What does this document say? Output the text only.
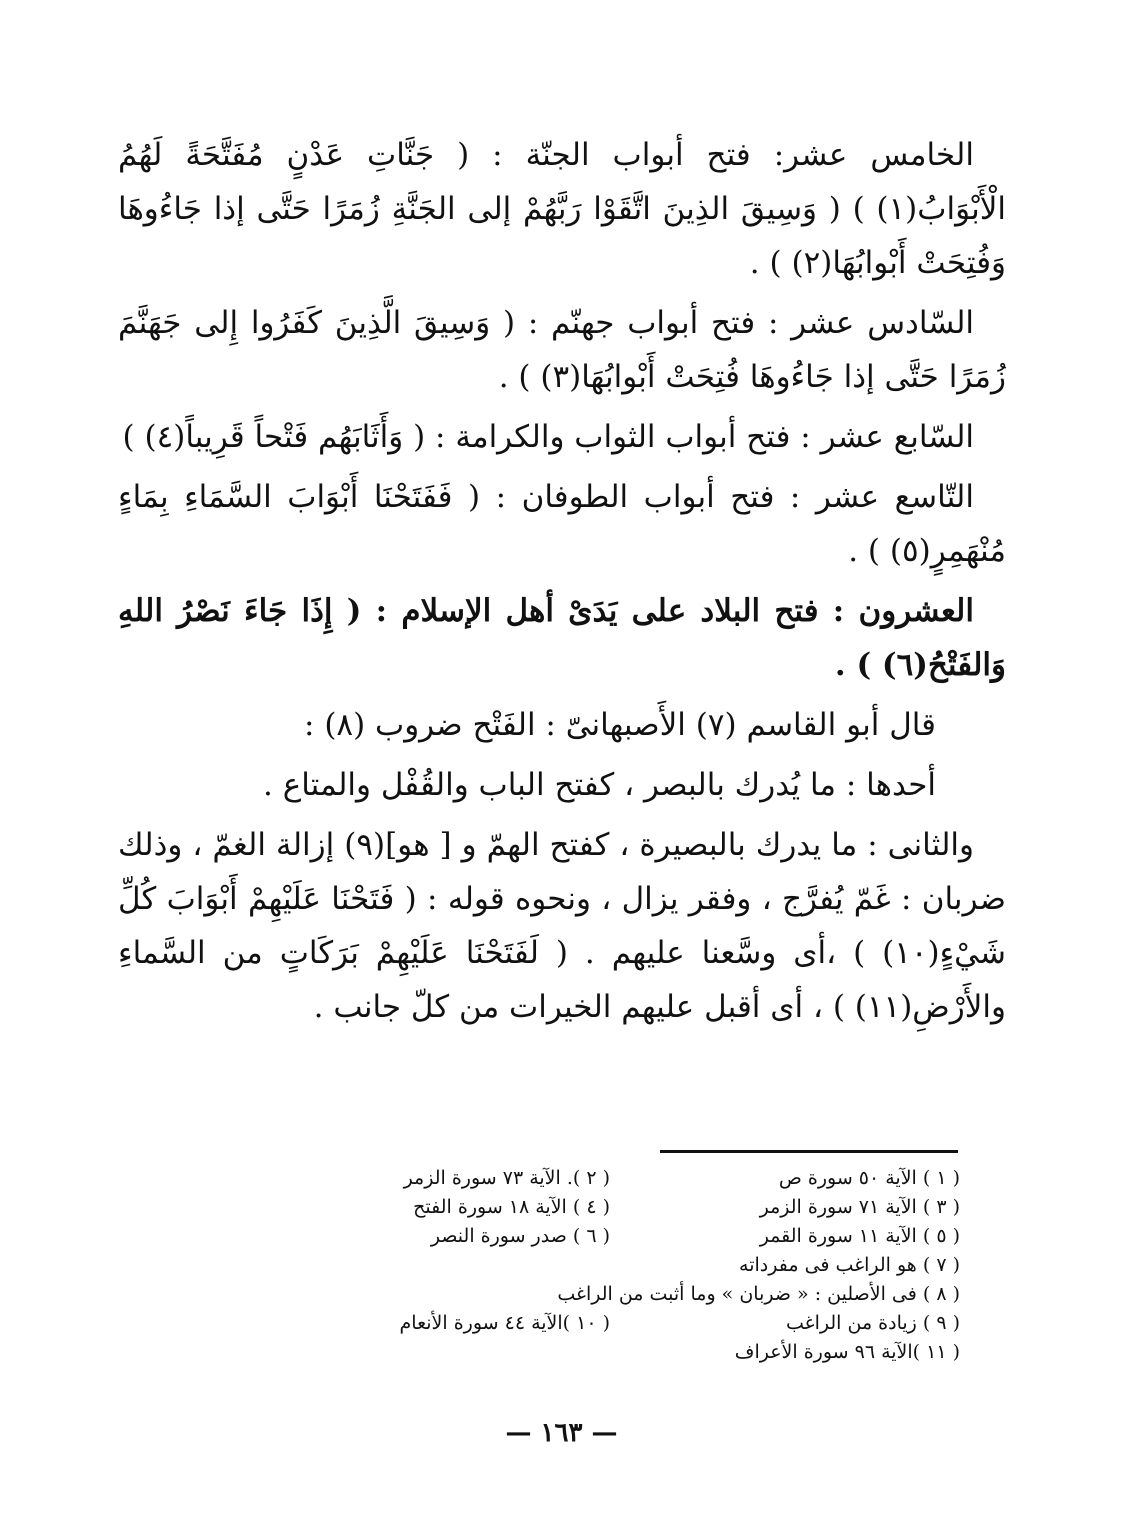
الخامس عشر: فتح أبواب الجنّة : ( جَنَّاتِ عَدْنٍ مُفَتَّحَةً لَهُمُ الْأَبْوَابُ(١) ) ( وَسِيقَ الذِينَ اتَّقَوْا رَبَّهُمْ إلى الجَنَّةِ زُمَرًا حَتَّى إذا جَاءُوهَا وَفُتِحَتْ أَبْوابُهَا(٢) ) .

السّادس عشر : فتح أبواب جهنّم : ( وَسِيقَ الَّذِينَ كَفَرُوا إِلى جَهَنَّمَ زُمَرًا حَتَّى إذا جَاءُوهَا فُتِحَتْ أَبْوابُهَا(٣) ) .

السّابع عشر : فتح أبواب الثواب والكرامة : ( وَأَثَابَهُم فَتْحاً قَرِيباً(٤) )

التّاسع عشر : فتح أبواب الطوفان : ( فَفَتَحْنَا أَبْوَابَ السَّمَاءِ بِمَاءٍ مُنْهَمِرٍ(٥) ) .

العشرون : فتح البلاد على يَدَىْ أهل الإسلام : ( إِذَا جَاءَ نَصْرُ اللهِ وَالفَتْحُ(٦) ) .

قال أبو القاسم (٧) الأَصبهانىّ : الفَتْح ضروب (٨) :

أحدها : ما يُدرك بالبصر ، كفتح الباب والقُفْل والمتاع .

والثانى : ما يدرك بالبصيرة ، كفتح الهمّ و [ هو](٩) إزالة الغمّ ، وذلك ضربان : غَمّ يُفرَّج ، وفقر يزال ، ونحوه قوله : ( فَتَحْنَا عَلَيْهِمْ أَبْوَابَ كُلِّ شَيْءٍ(١٠) ) ،أى وسَّعنا عليهم . ( لَفَتَحْنَا عَلَيْهِمْ بَرَكَاتٍ من السَّماءِ والأَرْضِ(١١) ) ، أى أقبل عليهم الخيرات من كلّ جانب .

( ١ ) الآية ٥٠ سورة ص
( ٢ ). الآية ٧٣ سورة الزمر
( ٣ ) الآية ٧١ سورة الزمر
( ٤ ) الآية ١٨ سورة الفتح
( ٥ ) الآية ١١ سورة القمر
( ٦ ) صدر سورة النصر
( ٧ ) هو الراغب فى مفرداته
( ٨ ) فى الأصلين : « ضربان » وما أثبت من الراغب
( ٩ ) زيادة من الراغب
( ١٠ )الآية ٤٤ سورة الأنعام
( ١١ )الآية ٩٦ سورة الأعراف
— ١٦٣ —
